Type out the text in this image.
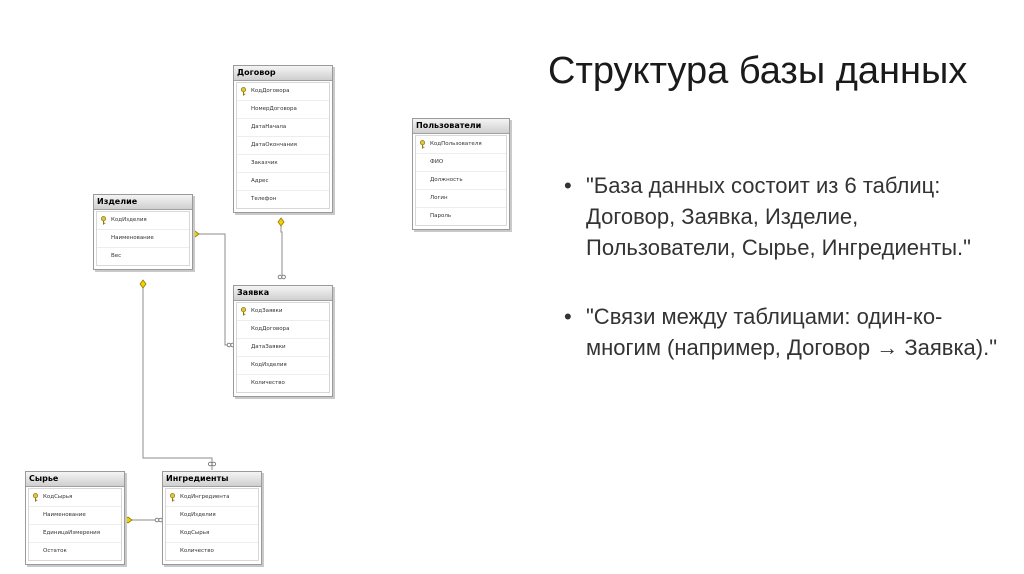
Структура базы данных
• "База данных состоит из 6 таблиц: Договор, Заявка, Изделие, Пользователи, Сырье, Ингредиенты."
• "Связи между таблицами: один-ко-многим (например, Договор → Заявка)."
Договор
КодДоговора
НомерДоговора
ДатаНачала
ДатаОкончания
Заказчик
Адрес
Телефон
Пользователи
КодПользователя
ФИО
Должность
Логин
Пароль
Изделие
КодИзделия
Наименование
Вес
Заявка
КодЗаявки
КодДоговора
ДатаЗаявки
КодИзделия
Количество
Сырье
КодСырья
Наименование
ЕдиницаИзмерения
Остаток
Ингредиенты
КодИнгредиента
КодИзделия
КодСырья
Количество
